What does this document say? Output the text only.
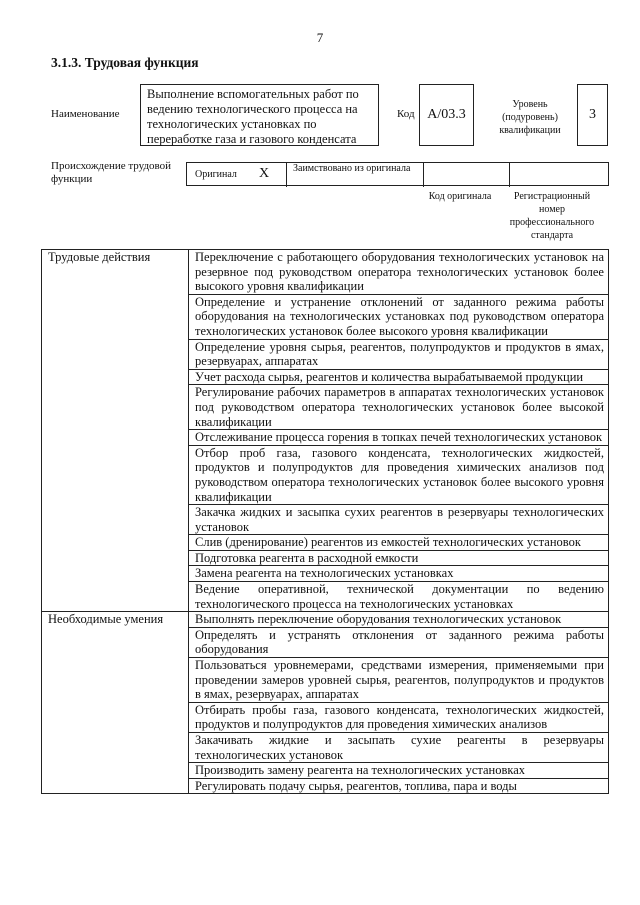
7
3.1.3. Трудовая функция
Наименование
Выполнение вспомогательных работ по ведению технологического процесса на технологических установках по переработке газа и газового конденсата
Код А/03.3
Уровень (подуровень) квалификации
3
Происхождение трудовой функции	Оригинал X Заимствовано из оригинала
Код оригинала	Регистрационный номер профессионального стандарта
Трудовые действия	Переключение с работающего оборудования технологических установок на резервное под руководством оператора технологических установок более высокого уровня квалификации
	Определение и устранение отклонений от заданного режима работы оборудования на технологических установках под руководством оператора технологических установок более высокого уровня квалификации
	Определение уровня сырья, реагентов, полупродуктов и продуктов в ямах, резервуарах, аппаратах
	Учет расхода сырья, реагентов и количества вырабатываемой продукции
	Регулирование рабочих параметров в аппаратах технологических установок под руководством оператора технологических установок более высокой квалификации
	Отслеживание процесса горения в топках печей технологических установок
	Отбор проб газа, газового конденсата, технологических жидкостей, продуктов и полупродуктов для проведения химических анализов под руководством оператора технологических установок более высокого уровня квалификации
	Закачка жидких и засыпка сухих реагентов в резервуары технологических установок
	Слив (дренирование) реагентов из емкостей технологических установок
	Подготовка реагента в расходной емкости
	Замена реагента на технологических установках
	Ведение оперативной, технической документации по ведению технологического процесса на технологических установках
Необходимые умения	Выполнять переключение оборудования технологических установок
	Определять и устранять отклонения от заданного режима работы оборудования
	Пользоваться уровнемерами, средствами измерения, применяемыми при проведении замеров уровней сырья, реагентов, полупродуктов и продуктов в ямах, резервуарах, аппаратах
	Отбирать пробы газа, газового конденсата, технологических жидкостей, продуктов и полупродуктов для проведения химических анализов
	Закачивать жидкие и засыпать сухие реагенты в резервуары технологических установок
	Производить замену реагента на технологических установках
	Регулировать подачу сырья, реагентов, топлива, пара и воды
